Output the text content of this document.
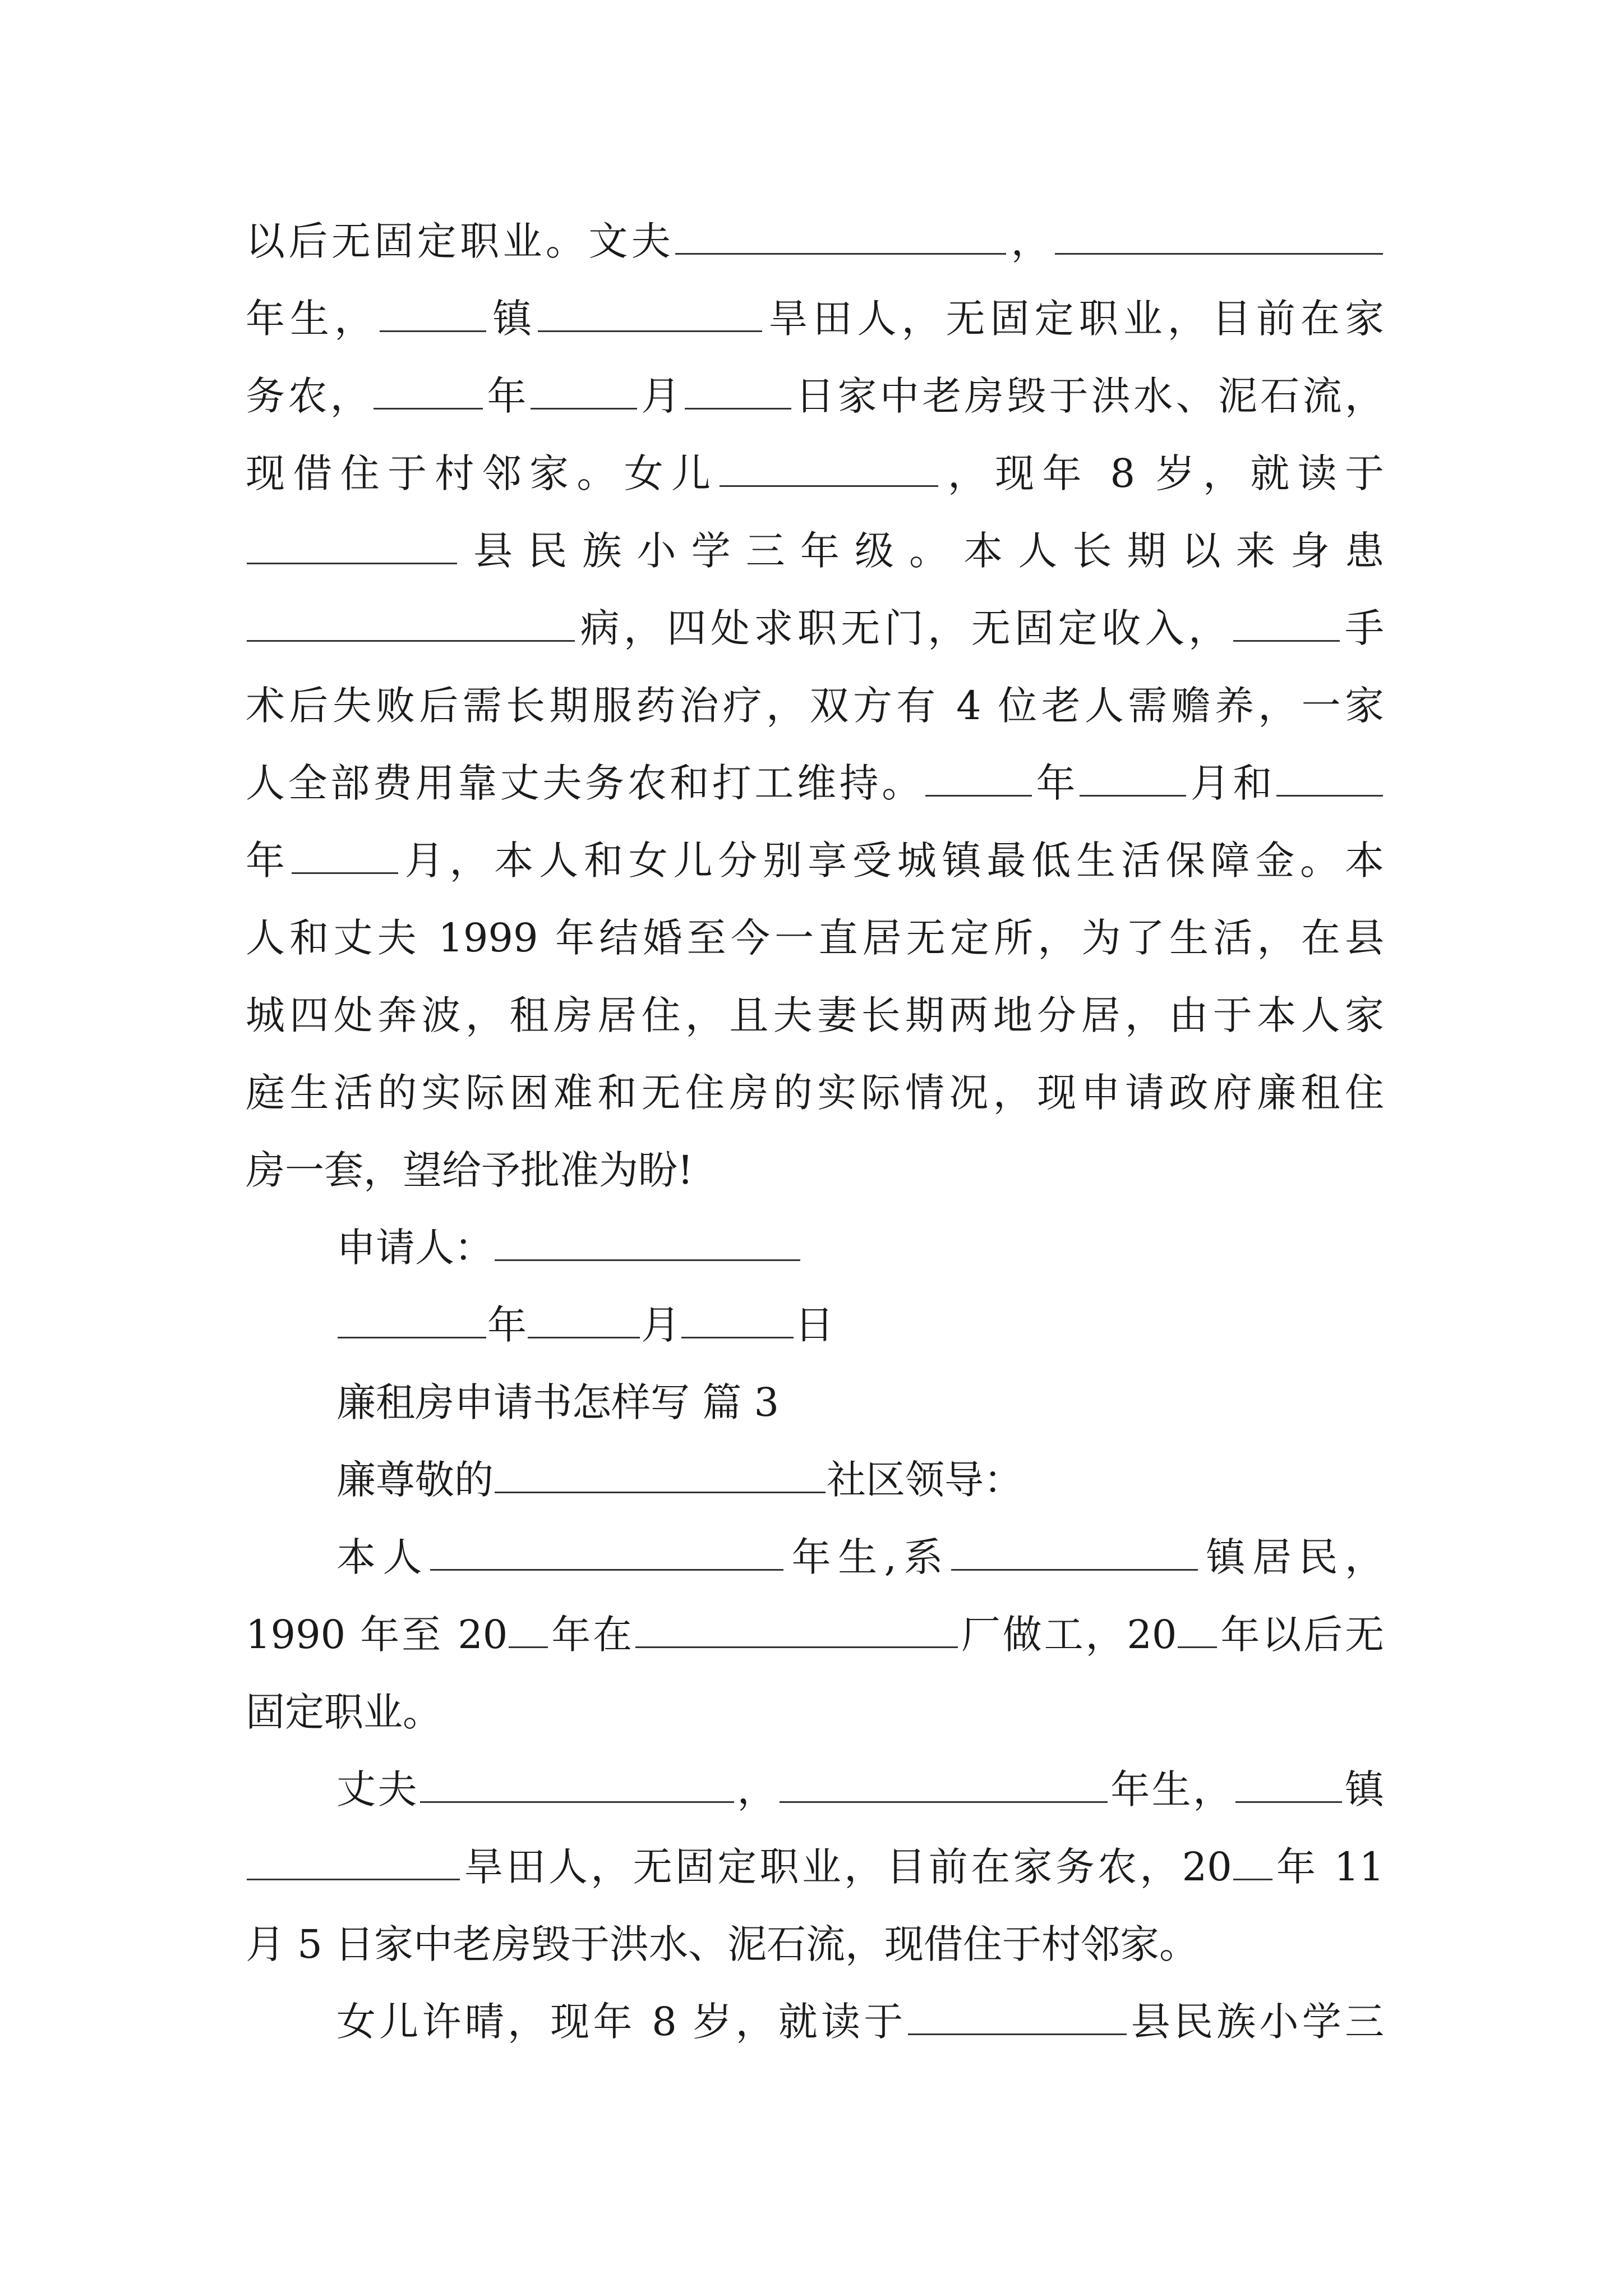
以后无固定职业。文夫	，
年生，	镇	旱田人，无固定职业，目前在家
务农，	年	月	日家中老房毁于洪水、泥石流，
现借住于村邻家。女儿	，现年 8 岁，就读于
县民族小学三年级。本人长期以来身患
病，四处求职无门，无固定收入，	手
术后失败后需长期服药治疗，双方有 4 位老人需赡养，一家
人全部费用靠丈夫务农和打工维持。	年	月和
年	月，本人和女儿分别享受城镇最低生活保障金。本
人和丈夫 1999 年结婚至今一直居无定所，为了生活，在县
城四处奔波，租房居住，且夫妻长期两地分居，由于本人家
庭生活的实际困难和无住房的实际情况，现申请政府廉租住
房一套，望给予批准为盼!
申请人：
年	月	日
廉租房申请书怎样写 篇 3
廉尊敬的	社区领导：
本人	年生,系	镇居民，
1990 年至 20 年在	厂做工，20 年以后无
固定职业。
丈夫	，	年生，	镇
旱田人，无固定职业，目前在家务农，20 年 11
月 5 日家中老房毁于洪水、泥石流，现借住于村邻家。
女儿许晴，现年 8 岁，就读于	县民族小学三
